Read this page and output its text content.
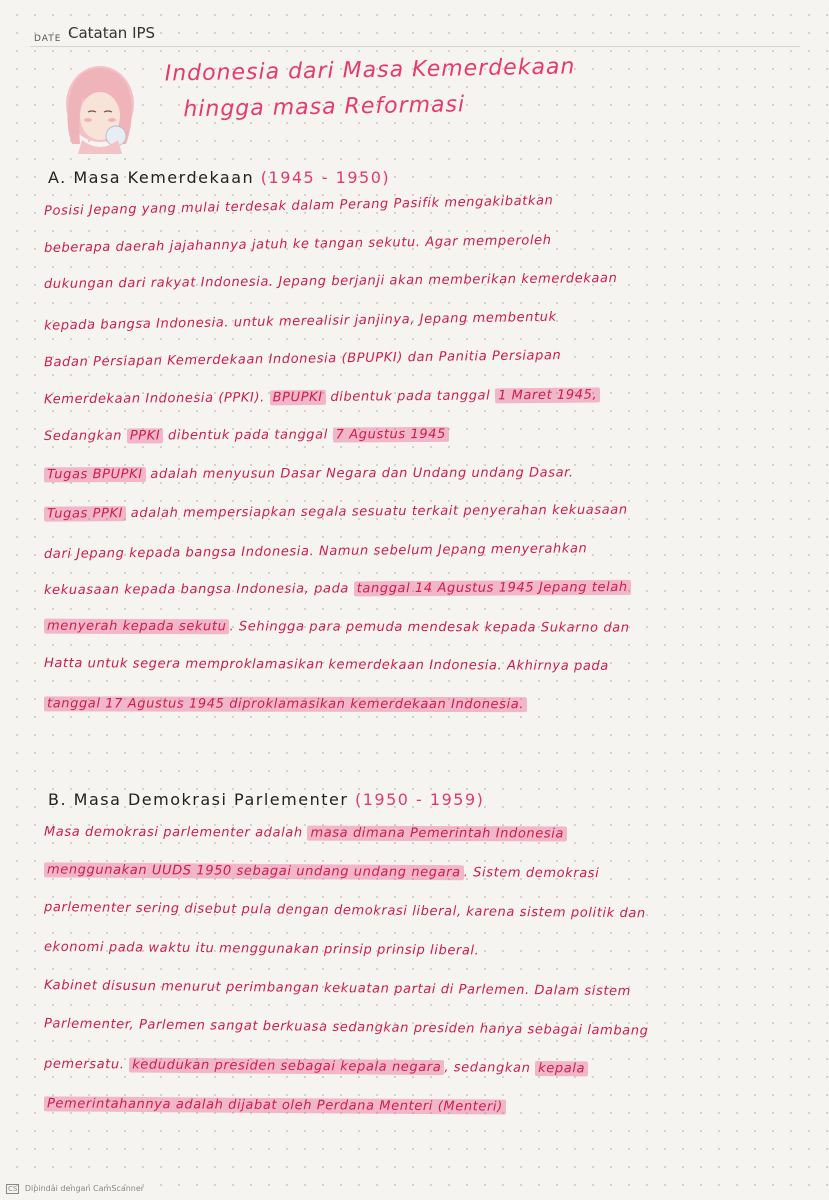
DATE Catatan IPS
Indonesia dari Masa Kemerdekaan
hingga masa Reformasi
A. Masa Kemerdekaan (1945 - 1950)
Posisi Jepang yang mulai terdesak dalam Perang Pasifik mengakibatkan
beberapa daerah jajahannya jatuh ke tangan sekutu. Agar memperoleh
dukungan dari rakyat Indonesia. Jepang berjanji akan memberikan kemerdekaan
kepada bangsa Indonesia. untuk merealisir janjinya, Jepang membentuk
Badan Persiapan Kemerdekaan Indonesia (BPUPKI) dan Panitia Persiapan
Kemerdekaan Indonesia (PPKI). BPUPKI dibentuk pada tanggal 1 Maret 1945,
Sedangkan PPKI dibentuk pada tanggal 7 Agustus 1945
Tugas BPUPKI adalah menyusun Dasar Negara dan Undang undang Dasar.
Tugas PPKI adalah mempersiapkan segala sesuatu terkait penyerahan kekuasaan
dari Jepang kepada bangsa Indonesia. Namun sebelum Jepang menyerahkan
kekuasaan kepada bangsa Indonesia, pada tanggal 14 Agustus 1945 Jepang telah
menyerah kepada sekutu . Sehingga para pemuda mendesak kepada Sukarno dan
Hatta untuk segera memproklamasikan kemerdekaan Indonesia. Akhirnya pada
tanggal 17 Agustus 1945 diproklamasikan kemerdekaan Indonesia.
B. Masa Demokrasi Parlementer (1950 - 1959)
Masa demokrasi parlementer adalah masa dimana Pemerintah Indonesia
menggunakan UUDS 1950 sebagai undang undang negara . Sistem demokrasi
parlementer sering disebut pula dengan demokrasi liberal, karena sistem politik dan
ekonomi pada waktu itu menggunakan prinsip prinsip liberal.
Kabinet disusun menurut perimbangan kekuatan partai di Parlemen. Dalam sistem
Parlementer, Parlemen sangat berkuasa sedangkan presiden hanya sebagai lambang
pemersatu. kedudukan presiden sebagai kepala negara , sedangkan kepala
Pemerintahannya adalah dijabat oleh Perdana Menteri (Menteri)
CS Dipindai dengan CamScanner
